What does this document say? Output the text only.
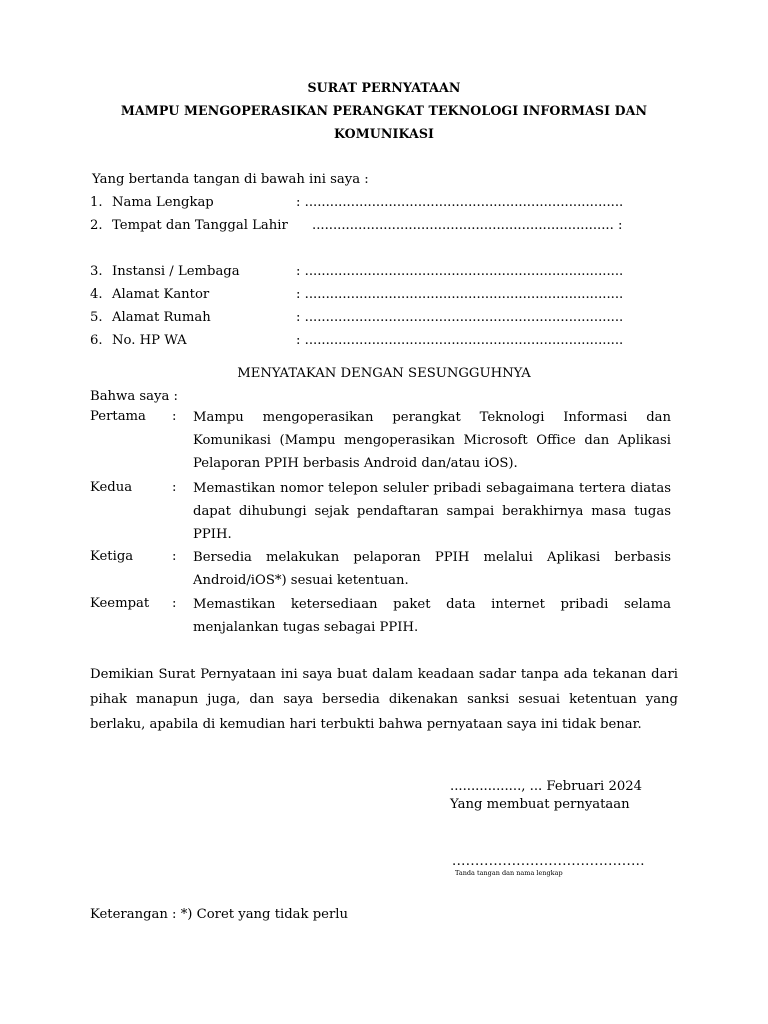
SURAT PERNYATAAN
MAMPU MENGOPERASIKAN PERANGKAT TEKNOLOGI INFORMASI DAN
KOMUNIKASI
Yang bertanda tangan di bawah ini saya :
1. Nama Lengkap	: ............................................................................
2. Tempat dan Tanggal Lahir ........................................................................ :
3. Instansi / Lembaga	: ............................................................................
4. Alamat Kantor	: ............................................................................
5. Alamat Rumah	: ............................................................................
6. No. HP WA	: ............................................................................
MENYATAKAN DENGAN SESUNGGUHNYA
Bahwa saya :
Pertama : Mampu mengoperasikan perangkat Teknologi Informasi dan Komunikasi (Mampu mengoperasikan Microsoft Office dan Aplikasi Pelaporan PPIH berbasis Android dan/atau iOS).
Kedua	: Memastikan nomor telepon seluler pribadi sebagaimana tertera diatas dapat dihubungi sejak pendaftaran sampai berakhirnya masa tugas PPIH.
Ketiga	: Bersedia melakukan pelaporan PPIH melalui Aplikasi berbasis Android/iOS*) sesuai ketentuan.
Keempat : Memastikan ketersediaan paket data internet pribadi selama menjalankan tugas sebagai PPIH.
Demikian Surat Pernyataan ini saya buat dalam keadaan sadar tanpa ada tekanan dari pihak manapun juga, dan saya bersedia dikenakan sanksi sesuai ketentuan yang berlaku, apabila di kemudian hari terbukti bahwa pernyataan saya ini tidak benar.
................., ... Februari 2024
Yang membuat pernyataan
..........................................
Tanda tangan dan nama lengkap
Keterangan : *) Coret yang tidak perlu
